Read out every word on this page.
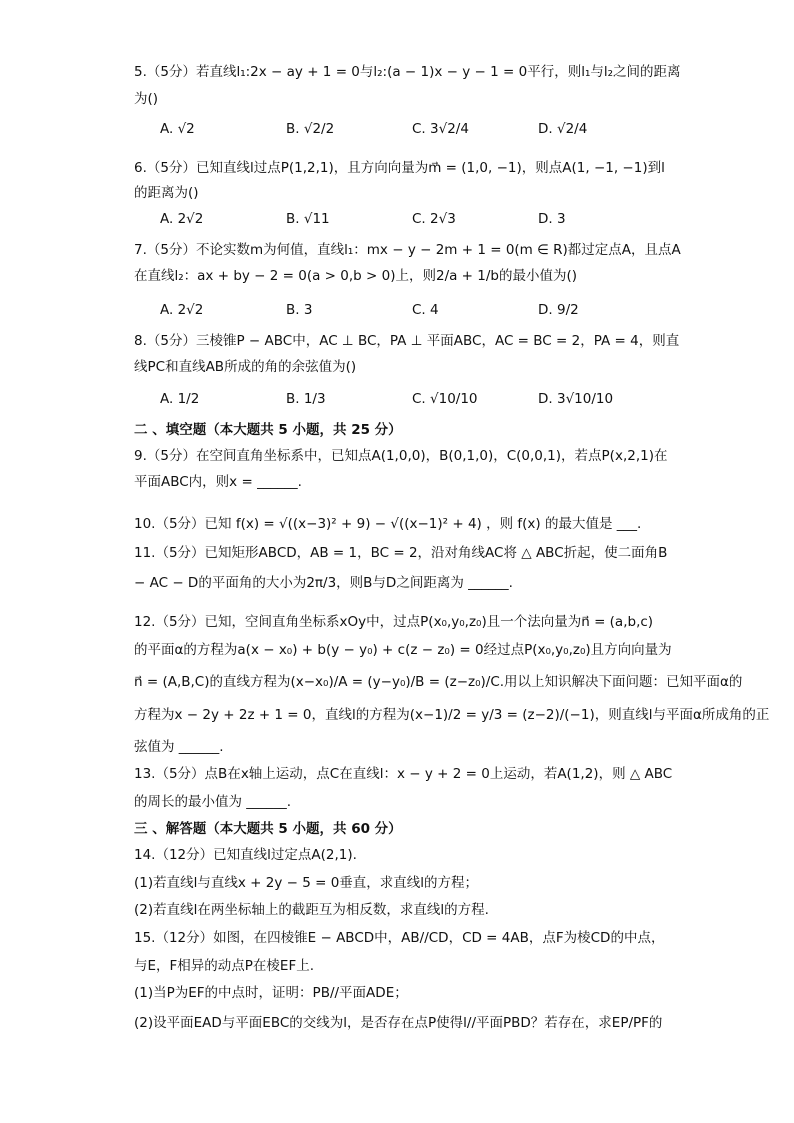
5.（5分）若直线l₁:2x − ay + 1 = 0与l₂:(a − 1)x − y − 1 = 0平行，则l₁与l₂之间的距离
为()
A. √2	B. √2/2	C. 3√2/4	D. √2/4
6.（5分）已知直线l过点P(1,2,1)，且方向向量为m⃗ = (1,0, −1)，则点A(1, −1, −1)到l
的距离为()
A. 2√2	B. √11	C. 2√3	D. 3
7.（5分）不论实数m为何值，直线l₁：mx − y − 2m + 1 = 0(m ∈ R)都过定点A，且点A
在直线l₂：ax + by − 2 = 0(a > 0,b > 0)上，则2/a + 1/b的最小值为()
A. 2√2	B. 3	C. 4	D. 9/2
8.（5分）三棱锥P − ABC中，AC ⊥ BC，PA ⊥ 平面ABC，AC = BC = 2，PA = 4，则直
线PC和直线AB所成的角的余弦值为()
A. 1/2	B. 1/3	C. √10/10	D. 3√10/10
二 、填空题（本大题共 5 小题，共 25 分）
9.（5分）在空间直角坐标系中，已知点A(1,0,0)，B(0,1,0)，C(0,0,1)，若点P(x,2,1)在
平面ABC内，则x = ______.
10.（5分）已知 f(x) = √((x−3)² + 9) − √((x−1)² + 4) ，则 f(x) 的最大值是 ___.
11.（5分）已知矩形ABCD，AB = 1，BC = 2，沿对角线AC将 △ ABC折起，使二面角B
− AC − D的平面角的大小为2π/3，则B与D之间距离为 ______.
12.（5分）已知，空间直角坐标系xOy中，过点P(x₀,y₀,z₀)且一个法向量为n⃗ = (a,b,c)
的平面α的方程为a(x − x₀) + b(y − y₀) + c(z − z₀) = 0经过点P(x₀,y₀,z₀)且方向向量为
n⃗ = (A,B,C)的直线方程为(x−x₀)/A = (y−y₀)/B = (z−z₀)/C.用以上知识解决下面问题：已知平面α的
方程为x − 2y + 2z + 1 = 0，直线l的方程为(x−1)/2 = y/3 = (z−2)/(−1)，则直线l与平面α所成角的正
弦值为 ______.
13.（5分）点B在x轴上运动，点C在直线l：x − y + 2 = 0上运动，若A(1,2)，则 △ ABC
的周长的最小值为 ______.
三 、解答题（本大题共 5 小题，共 60 分）
14.（12分）已知直线l过定点A(2,1).
(1)若直线l与直线x + 2y − 5 = 0垂直，求直线l的方程；
(2)若直线l在两坐标轴上的截距互为相反数，求直线l的方程.
15.（12分）如图，在四棱锥E − ABCD中，AB//CD，CD = 4AB，点F为棱CD的中点，
与E，F相异的动点P在棱EF上.
(1)当P为EF的中点时，证明：PB//平面ADE；
(2)设平面EAD与平面EBC的交线为l，是否存在点P使得l//平面PBD？若存在，求EP/PF的
